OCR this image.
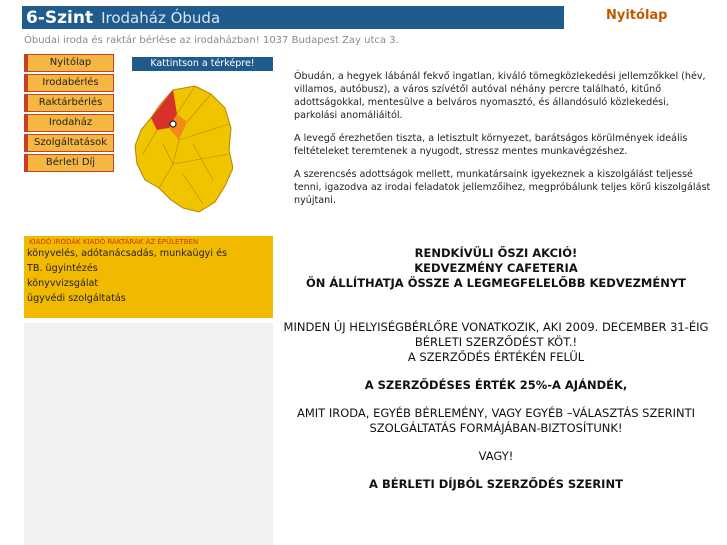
6-Szint Irodaház Óbuda	Nyitólap
Óbudai iroda és raktár bérlése az irodaházban! 1037 Budapest Zay utca 3.
Nyitólap
Irodabérlés
Raktárbérlés
Irodaház
Szolgáltatások
Bérleti Díj
Kattintson a térképre!

Óbudán, a hegyek lábánál fekvő ingatlan, kiváló tömegközlekedési jellemzőkkel (hév, villamos, autóbusz), a város szívétől autóval néhány percre található, kitűnő adottságokkal, mentesülve a belváros nyomasztó, és állandósuló közlekedési, parkolási anomáliáitól.

A levegő érezhetően tiszta, a letisztult környezet, barátságos körülmények ideális feltételeket teremtenek a nyugodt, stressz mentes munkavégzéshez.

A szerencsés adottságok mellett, munkatársaink igyekeznek a kiszolgálást teljessé tenni, igazodva az irodai feladatok jellemzőihez, megpróbálunk teljes körű kiszolgálást nyújtani.

KIADÓ IRODÁK KIADÓ RAKTÁRAK AZ ÉPÜLETBEN
könyvelés, adótanácsadás, munkaügyi és
TB. ügyintézés
könyvvizsgálat
ügyvédi szolgáltatás

RENDKÍVÜLI ŐSZI AKCIÓ!

KEDVEZMÉNY CAFETERIA

ÖN ÁLLÍTHATJA ÖSSZE A LEGMEGFELELŐBB KEDVEZMÉNYT

MINDEN ÚJ HELYISÉGBÉRLŐRE VONATKOZIK, AKI 2009. DECEMBER 31-ÉIG BÉRLETI SZERZŐDÉST KÖT.!

A SZERZŐDÉS ÉRTÉKÉN FELÜL

A SZERZŐDÉSES ÉRTÉK 25%-A AJÁNDÉK,

AMIT IRODA, EGYÉB BÉRLEMÉNY, VAGY EGYÉB –VÁLASZTÁS SZERINTI SZOLGÁLTATÁS FORMÁJÁBAN-BIZTOSÍTUNK!

VAGY!

A BÉRLETI DÍJBÓL SZERZŐDÉS SZERINT
